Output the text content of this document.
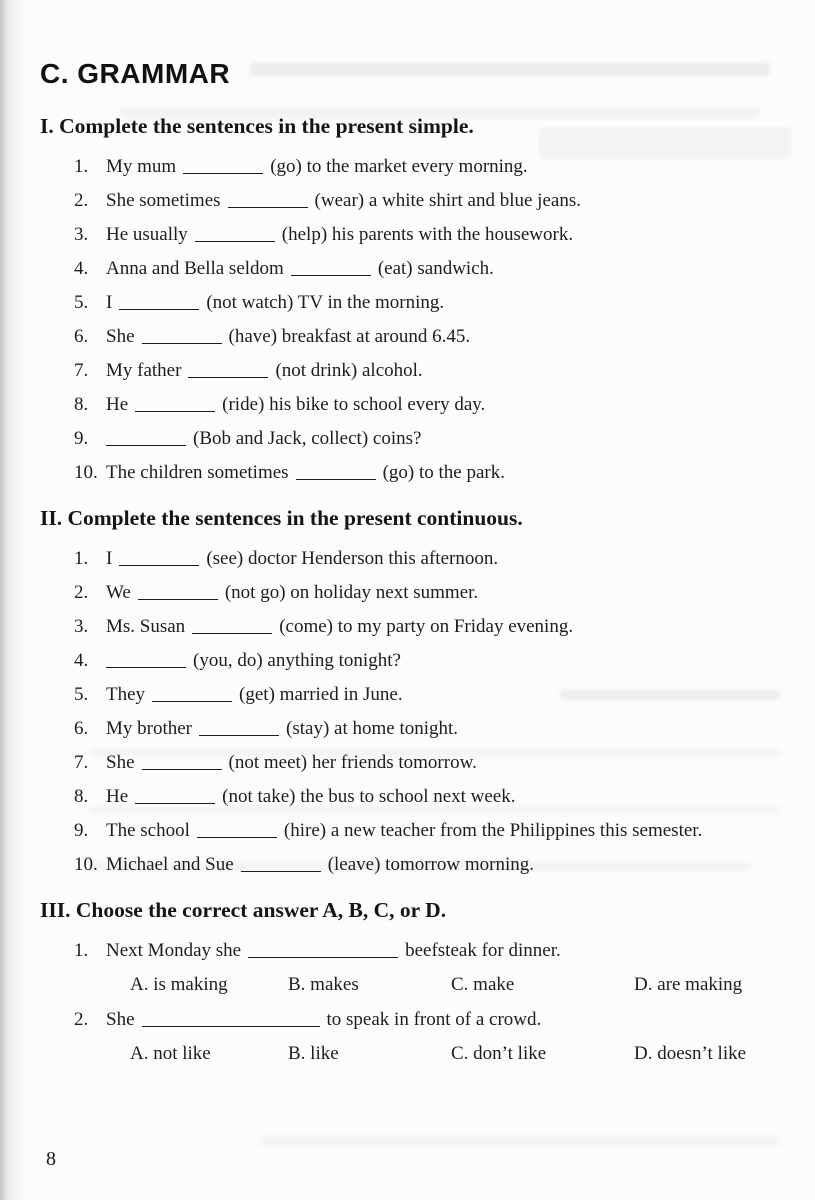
C. GRAMMAR
I. Complete the sentences in the present simple.
1. My mum	(go) to the market every morning.
2. She sometimes	(wear) a white shirt and blue jeans.
3. He usually	(help) his parents with the housework.
4. Anna and Bella seldom	(eat) sandwich.
5. I	(not watch) TV in the morning.
6. She	(have) breakfast at around 6.45.
7. My father	(not drink) alcohol.
8. He	(ride) his bike to school every day.
9.	(Bob and Jack, collect) coins?
10. The children sometimes	(go) to the park.
II. Complete the sentences in the present continuous.
1. I	(see) doctor Henderson this afternoon.
2. We	(not go) on holiday next summer.
3. Ms. Susan	(come) to my party on Friday evening.
4.	(you, do) anything tonight?
5. They	(get) married in June.
6. My brother	(stay) at home tonight.
7. She	(not meet) her friends tomorrow.
8. He	(not take) the bus to school next week.
9. The school	(hire) a new teacher from the Philippines this semester.
10. Michael and Sue	(leave) tomorrow morning.
III. Choose the correct answer A, B, C, or D.
1. Next Monday she	beefsteak for dinner.
A. is making	B. makes	C. make	D. are making
2. She	to speak in front of a crowd.
A. not like	B. like	C. don’t like	D. doesn’t like
8
